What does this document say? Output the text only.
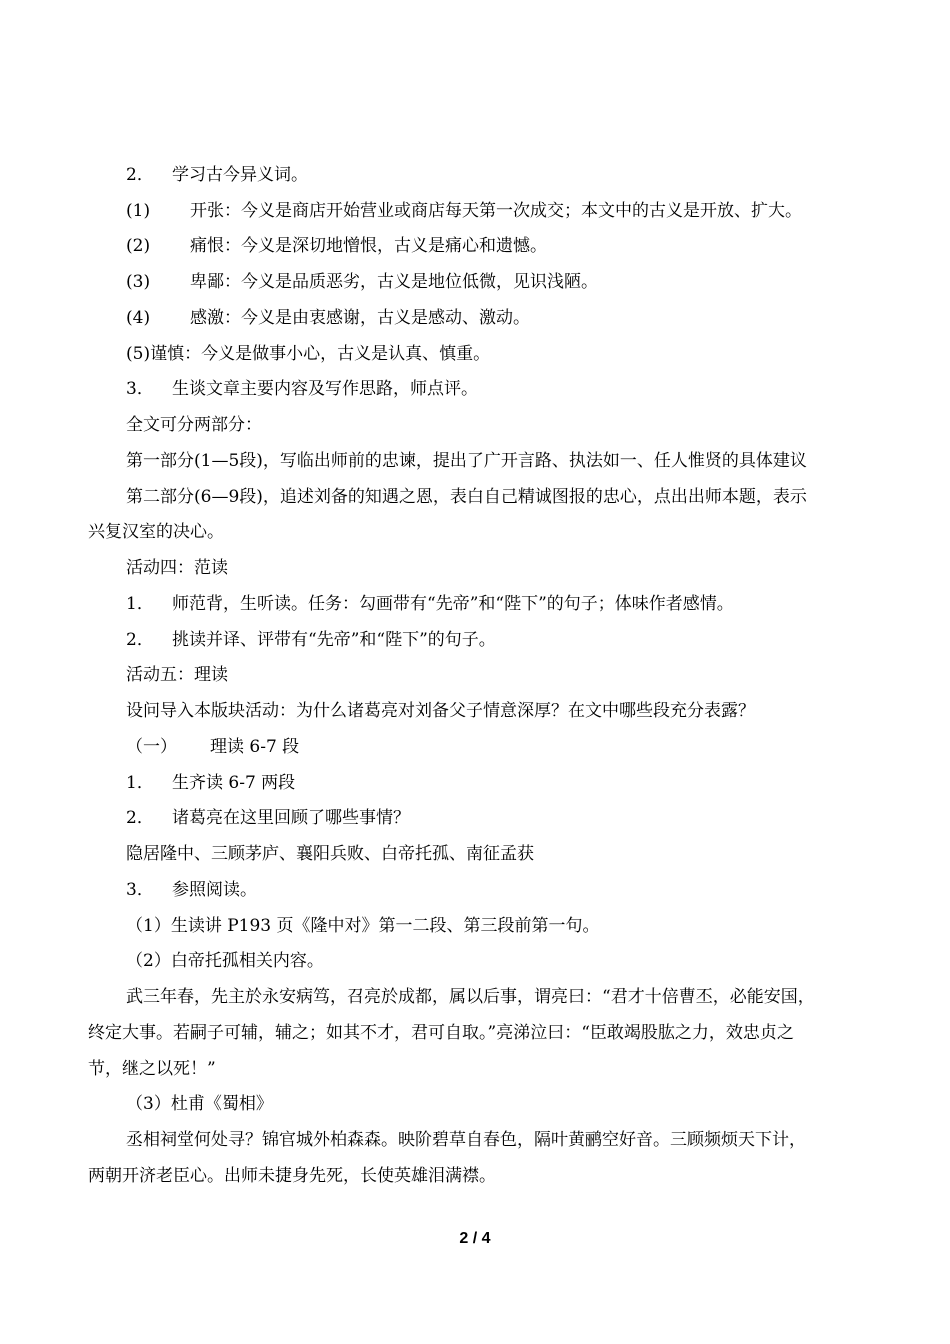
2． 学习古今异义词。
(1) 开张：今义是商店开始营业或商店每天第一次成交；本文中的古义是开放、扩大。
(2) 痛恨：今义是深切地憎恨，古义是痛心和遗憾。
(3) 卑鄙：今义是品质恶劣，古义是地位低微，见识浅陋。
(4) 感激：今义是由衷感谢，古义是感动、激动。
(5)谨慎：今义是做事小心，古义是认真、慎重。
3． 生谈文章主要内容及写作思路，师点评。
全文可分两部分：
第一部分(1—5段)，写临出师前的忠谏，提出了广开言路、执法如一、任人惟贤的具体建议
第二部分(6—9段)，追述刘备的知遇之恩，表白自己精诚图报的忠心，点出出师本题，表示
兴复汉室的决心。
活动四：范读
1． 师范背，生听读。任务：勾画带有“先帝”和“陛下”的句子；体味作者感情。
2． 挑读并译、评带有“先帝”和“陛下”的句子。
活动五：理读
设问导入本版块活动：为什么诸葛亮对刘备父子情意深厚？在文中哪些段充分表露？
（一） 理读 6-7 段
1． 生齐读 6-7 两段
2． 诸葛亮在这里回顾了哪些事情？
隐居隆中、三顾茅庐、襄阳兵败、白帝托孤、南征孟获
3． 参照阅读。
（1）生读讲 P193 页《隆中对》第一二段、第三段前第一句。
（2）白帝托孤相关内容。
武三年春，先主於永安病笃，召亮於成都，属以后事，谓亮曰：“君才十倍曹丕，必能安国，
终定大事。若嗣子可辅，辅之；如其不才，君可自取。”亮涕泣曰：“臣敢竭股肱之力，效忠贞之
节，继之以死！”
（3）杜甫《蜀相》
丞相祠堂何处寻？锦官城外柏森森。映阶碧草自春色，隔叶黄鹂空好音。三顾频烦天下计，
两朝开济老臣心。出师未捷身先死，长使英雄泪满襟。
2 / 4
